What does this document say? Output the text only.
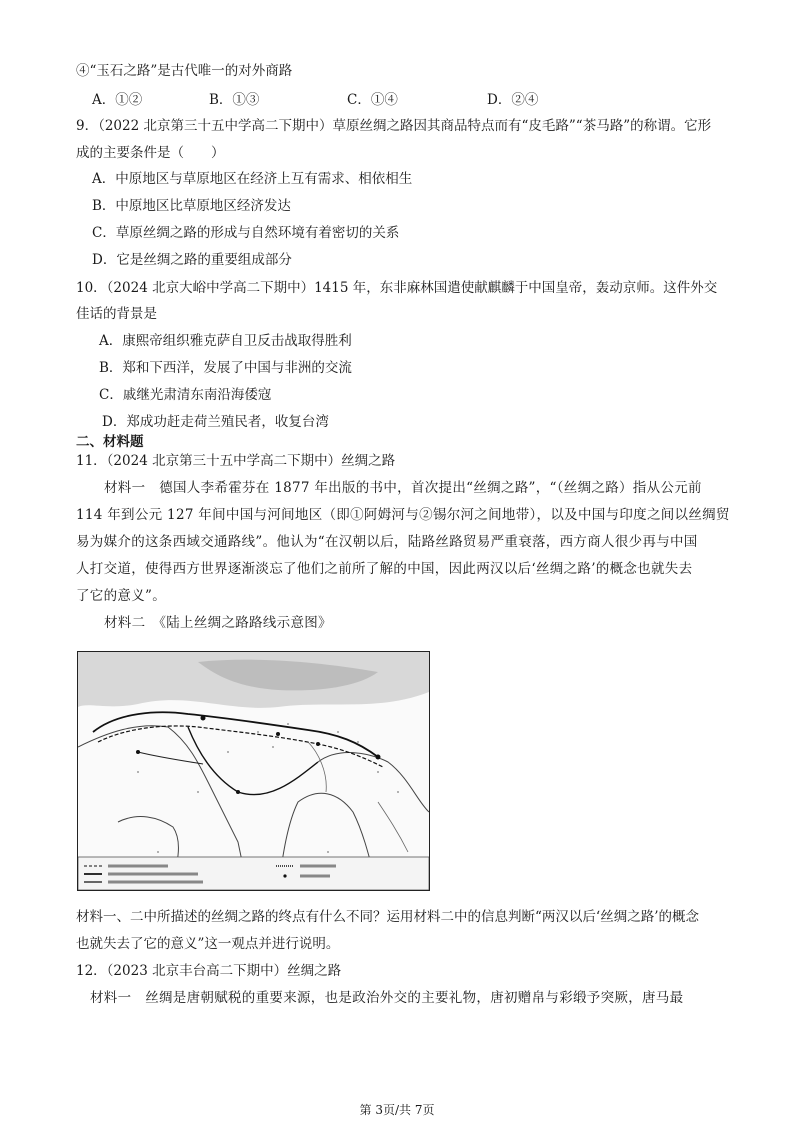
④“玉石之路”是古代唯一的对外商路
A．①②	B．①③	C．①④	D．②④
9．（2022 北京第三十五中学高二下期中）草原丝绸之路因其商品特点而有“皮毛路”“茶马路”的称谓。它形
成的主要条件是（　　）
A．中原地区与草原地区在经济上互有需求、相依相生
B．中原地区比草原地区经济发达
C．草原丝绸之路的形成与自然环境有着密切的关系
D．它是丝绸之路的重要组成部分
10．（2024 北京大峪中学高二下期中）1415 年，东非麻林国遣使献麒麟于中国皇帝，轰动京师。这件外交
佳话的背景是
A．康熙帝组织雅克萨自卫反击战取得胜利
B．郑和下西洋，发展了中国与非洲的交流
C．戚继光肃清东南沿海倭寇
D．郑成功赶走荷兰殖民者，收复台湾
二、材料题
11．（2024 北京第三十五中学高二下期中）丝绸之路
材料一　德国人李希霍芬在 1877 年出版的书中，首次提出“丝绸之路”，“（丝绸之路）指从公元前
114 年到公元 127 年间中国与河间地区（即①阿姆河与②锡尔河之间地带），以及中国与印度之间以丝绸贸
易为媒介的这条西域交通路线”。他认为“在汉朝以后，陆路丝路贸易严重衰落，西方商人很少再与中国
人打交道，使得西方世界逐渐淡忘了他们之前所了解的中国，因此两汉以后‘丝绸之路’的概念也就失去
了它的意义”。
材料二　《陆上丝绸之路路线示意图》
材料一、二中所描述的丝绸之路的终点有什么不同？运用材料二中的信息判断“两汉以后‘丝绸之路’的概念
也就失去了它的意义”这一观点并进行说明。
12．（2023 北京丰台高二下期中）丝绸之路
材料一　丝绸是唐朝赋税的重要来源，也是政治外交的主要礼物，唐初赠帛与彩缎予突厥，唐马最
第 3页/共 7页
